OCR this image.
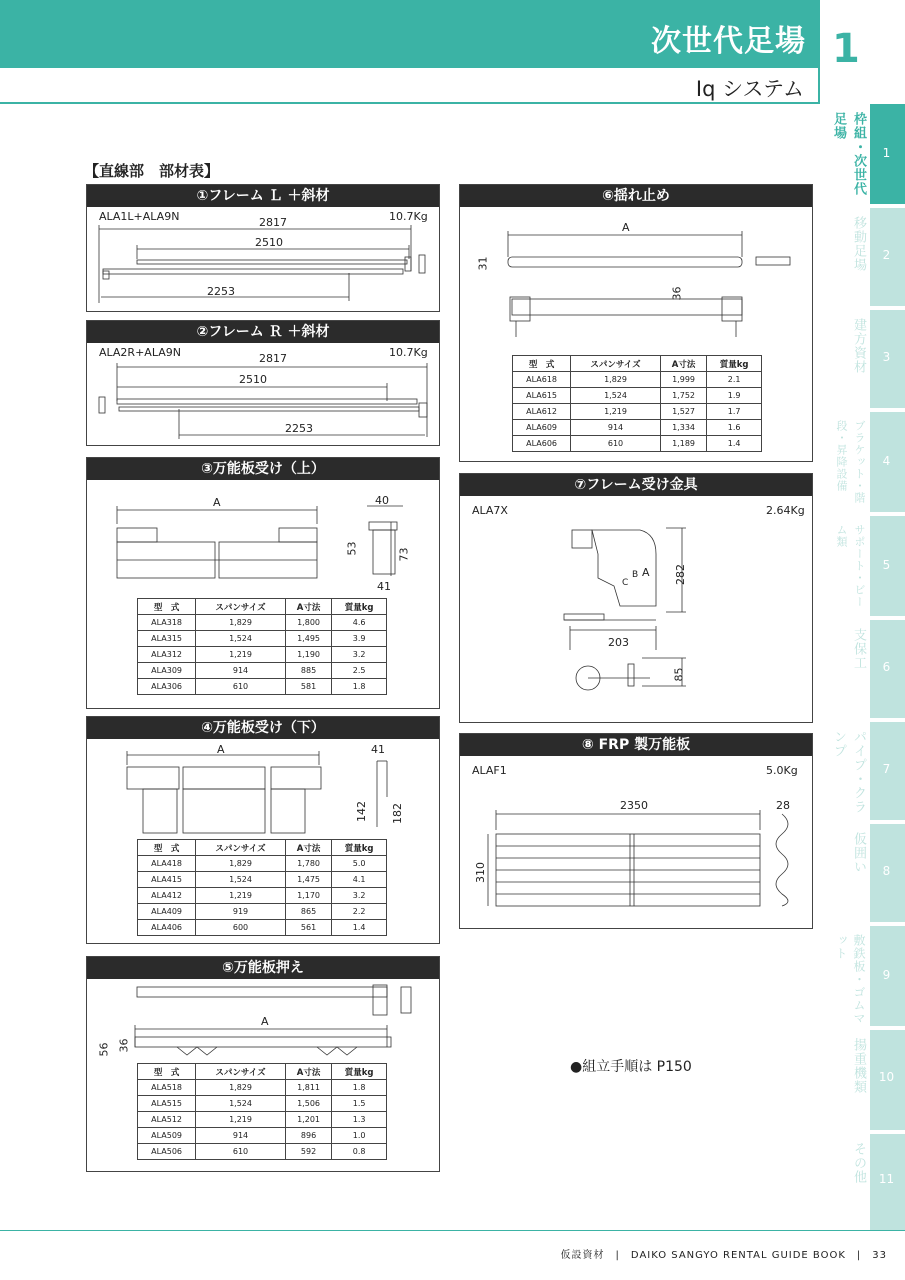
次世代足場
Iq システム
1
枠組・次世代足場
1
移動足場	2
建方資材	3
ブラケット・階段・昇降設備	4
サポート・ビーム類
5
支保工	6
パイプ・クランプ
7
仮囲い	8
敷鉄板・ゴムマット
9
揚重機類	10
その他	11
【直線部　部材表】
①フレーム Ｌ ＋斜材
ALA1L+ALA9N	10.7Kg
2817
2510
2253
②フレーム Ｒ ＋斜材
ALA2R+ALA9N	10.7Kg
2817
2510
2253
③万能板受け（上）
A	40
53	73
41
型　式	スパンサイズ	A寸法	質量kg
ALA318	1,829	1,800	4.6
ALA315	1,524	1,495	3.9
ALA312	1,219	1,190	3.2
ALA309	914	885	2.5
ALA306	610	581	1.8
④万能板受け（下）
A	41
142 182
型　式	スパンサイズ	A寸法	質量kg
ALA418	1,829	1,780	5.0
ALA415	1,524	1,475	4.1
ALA412	1,219	1,170	3.2
ALA409	919	865	2.2
ALA406	600	561	1.4
⑤万能板押え
A
56 36
型　式	スパンサイズ	A寸法	質量kg
ALA518	1,829	1,811	1.8
ALA515	1,524	1,506	1.5
ALA512	1,219	1,201	1.3
ALA509	914	896	1.0
ALA506	610	592	0.8
⑥揺れ止め
A
31
36
型　式	スパンサイズ	A寸法	質量kg
ALA618	1,829	1,999	2.1
ALA615	1,524	1,752	1.9
ALA612	1,219	1,527	1.7
ALA609	914	1,334	1.6
ALA606	610	1,189	1.4
⑦フレーム受け金具
ALA7X	2.64Kg
282
203
85
A
B
C
⑧ FRP 製万能板
ALAF1	5.0Kg
2350	28
310
●組立手順は P150
仮設資材　|　DAIKO SANGYO RENTAL GUIDE BOOK　|　33
